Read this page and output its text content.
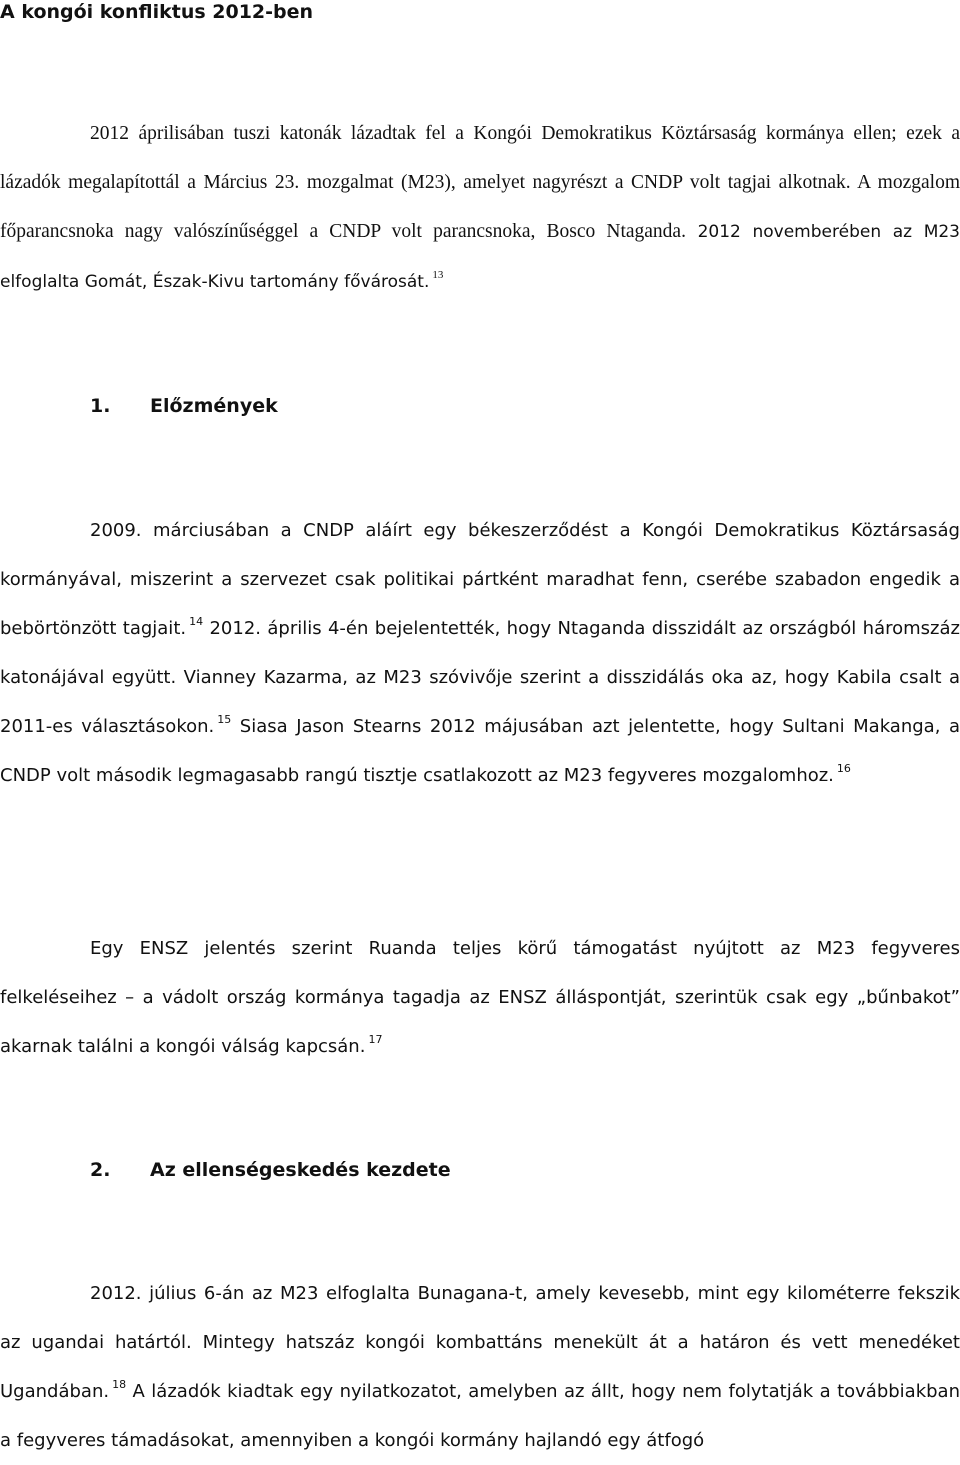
A kongói konfliktus 2012-ben

2012 áprilisában tuszi katonák lázadtak fel a Kongói Demokratikus Köztársaság kormánya ellen; ezek a lázadók megalapítottál a Március 23. mozgalmat (M23), amelyet nagyrészt a CNDP volt tagjai alkotnak. A mozgalom főparancsnoka nagy valószínűséggel a CNDP volt parancsnoka, Bosco Ntaganda. 2012 novemberében az M23 elfoglalta Gomát, Észak-Kivu tartomány fővárosát. $^{13}$

1. Előzmények

2009. márciusában a CNDP aláírt egy békeszerződést a Kongói Demokratikus Köztársaság kormányával, miszerint a szervezet csak politikai pártként maradhat fenn, cserébe szabadon engedik a bebörtönzött tagjait. $^{14}$ 2012. április 4-én bejelentették, hogy Ntaganda disszidált az országból háromszáz katonájával együtt. Vianney Kazarma, az M23 szóvivője szerint a disszidálás oka az, hogy Kabila csalt a 2011-es választásokon. $^{15}$ Siasa Jason Stearns 2012 májusában azt jelentette, hogy Sultani Makanga, a CNDP volt második legmagasabb rangú tisztje csatlakozott az M23 fegyveres mozgalomhoz. $^{16}$

Egy ENSZ jelentés szerint Ruanda teljes körű támogatást nyújtott az M23 fegyveres felkeléseihez – a vádolt ország kormánya tagadja az ENSZ álláspontját, szerintük csak egy „bűnbakot” akarnak találni a kongói válság kapcsán. $^{17}$

2. Az ellenségeskedés kezdete

2012. július 6-án az M23 elfoglalta Bunagana-t, amely kevesebb, mint egy kilométerre fekszik az ugandai határtól. Mintegy hatszáz kongói kombattáns menekült át a határon és vett menedéket Ugandában. $^{18}$ A lázadók kiadtak egy nyilatkozatot, amelyben az állt, hogy nem folytatják a továbbiakban a fegyveres támadásokat, amennyiben a kongói kormány hajlandó egy átfogó
